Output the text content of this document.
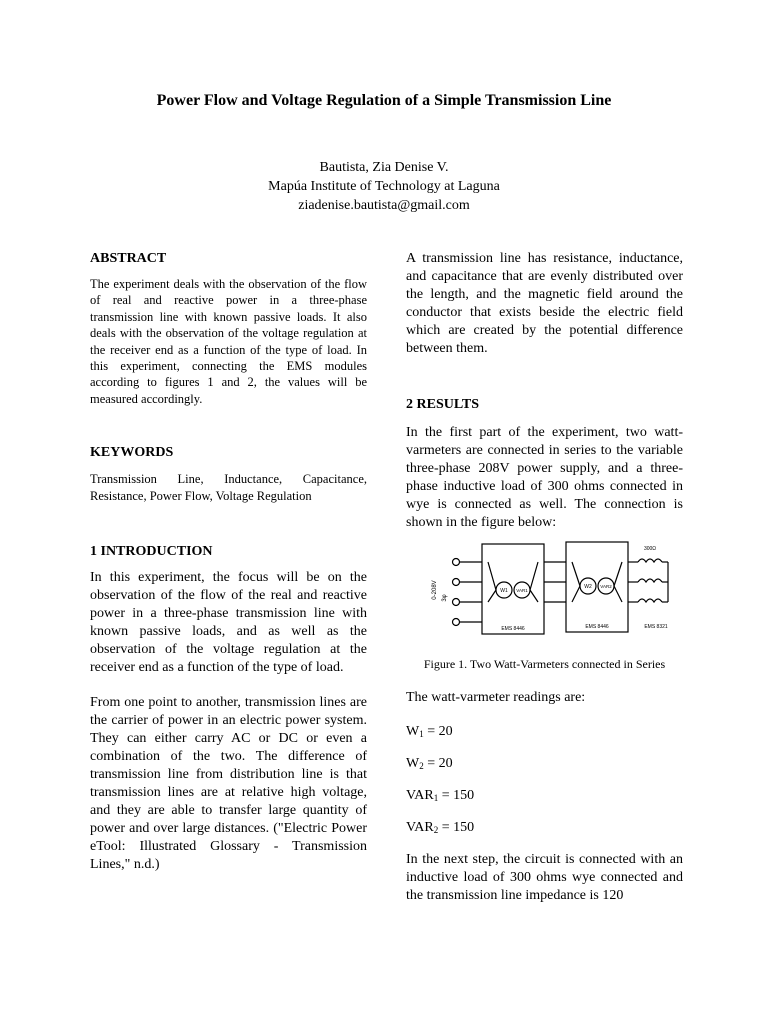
Power Flow and Voltage Regulation of a Simple Transmission Line
Bautista, Zia Denise V.
Mapúa Institute of Technology at Laguna
ziadenise.bautista@gmail.com
ABSTRACT

The experiment deals with the observation of the flow of real and reactive power in a three-phase transmission line with known passive loads. It also deals with the observation of the voltage regulation at the receiver end as a function of the type of load. In this experiment, connecting the EMS modules according to figures 1 and 2, the values will be measured accordingly.

KEYWORDS

Transmission Line, Inductance, Capacitance, Resistance, Power Flow, Voltage Regulation

1 INTRODUCTION

In this experiment, the focus will be on the observation of the flow of the real and reactive power in a three-phase transmission line with known passive loads, and as well as the observation of the voltage regulation at the receiver end as a function of the type of load.

From one point to another, transmission lines are the carrier of power in an electric power system. They can either carry AC or DC or even a combination of the two. The difference of transmission line from distribution line is that transmission lines are at relative high voltage, and they are able to transfer large quantity of power and over large distances. ("Electric Power eTool: Illustrated Glossary - Transmission Lines," n.d.)

A transmission line has resistance, inductance, and capacitance that are evenly distributed over the length, and the magnetic field around the conductor that exists beside the electric field which are created by the potential difference between them.

2 RESULTS

In the first part of the experiment, two watt-varmeters are connected in series to the variable three-phase 208V power supply, and a three-phase inductive load of 300 ohms connected in wye is connected as well. The connection is shown in the figure below:

0-208V 3φ
W1 VAR1
W2 VAR2
EMS 8446	EMS 8446	EMS 8321
300Ω
Figure 1. Two Watt-Varmeters connected in Series

The watt-varmeter readings are:

$W_1 = 20$
$W_2 = 20$
$VAR_1 = 150$
$VAR_2 = 150$

In the next step, the circuit is connected with an inductive load of 300 ohms wye connected and the transmission line impedance is 120
